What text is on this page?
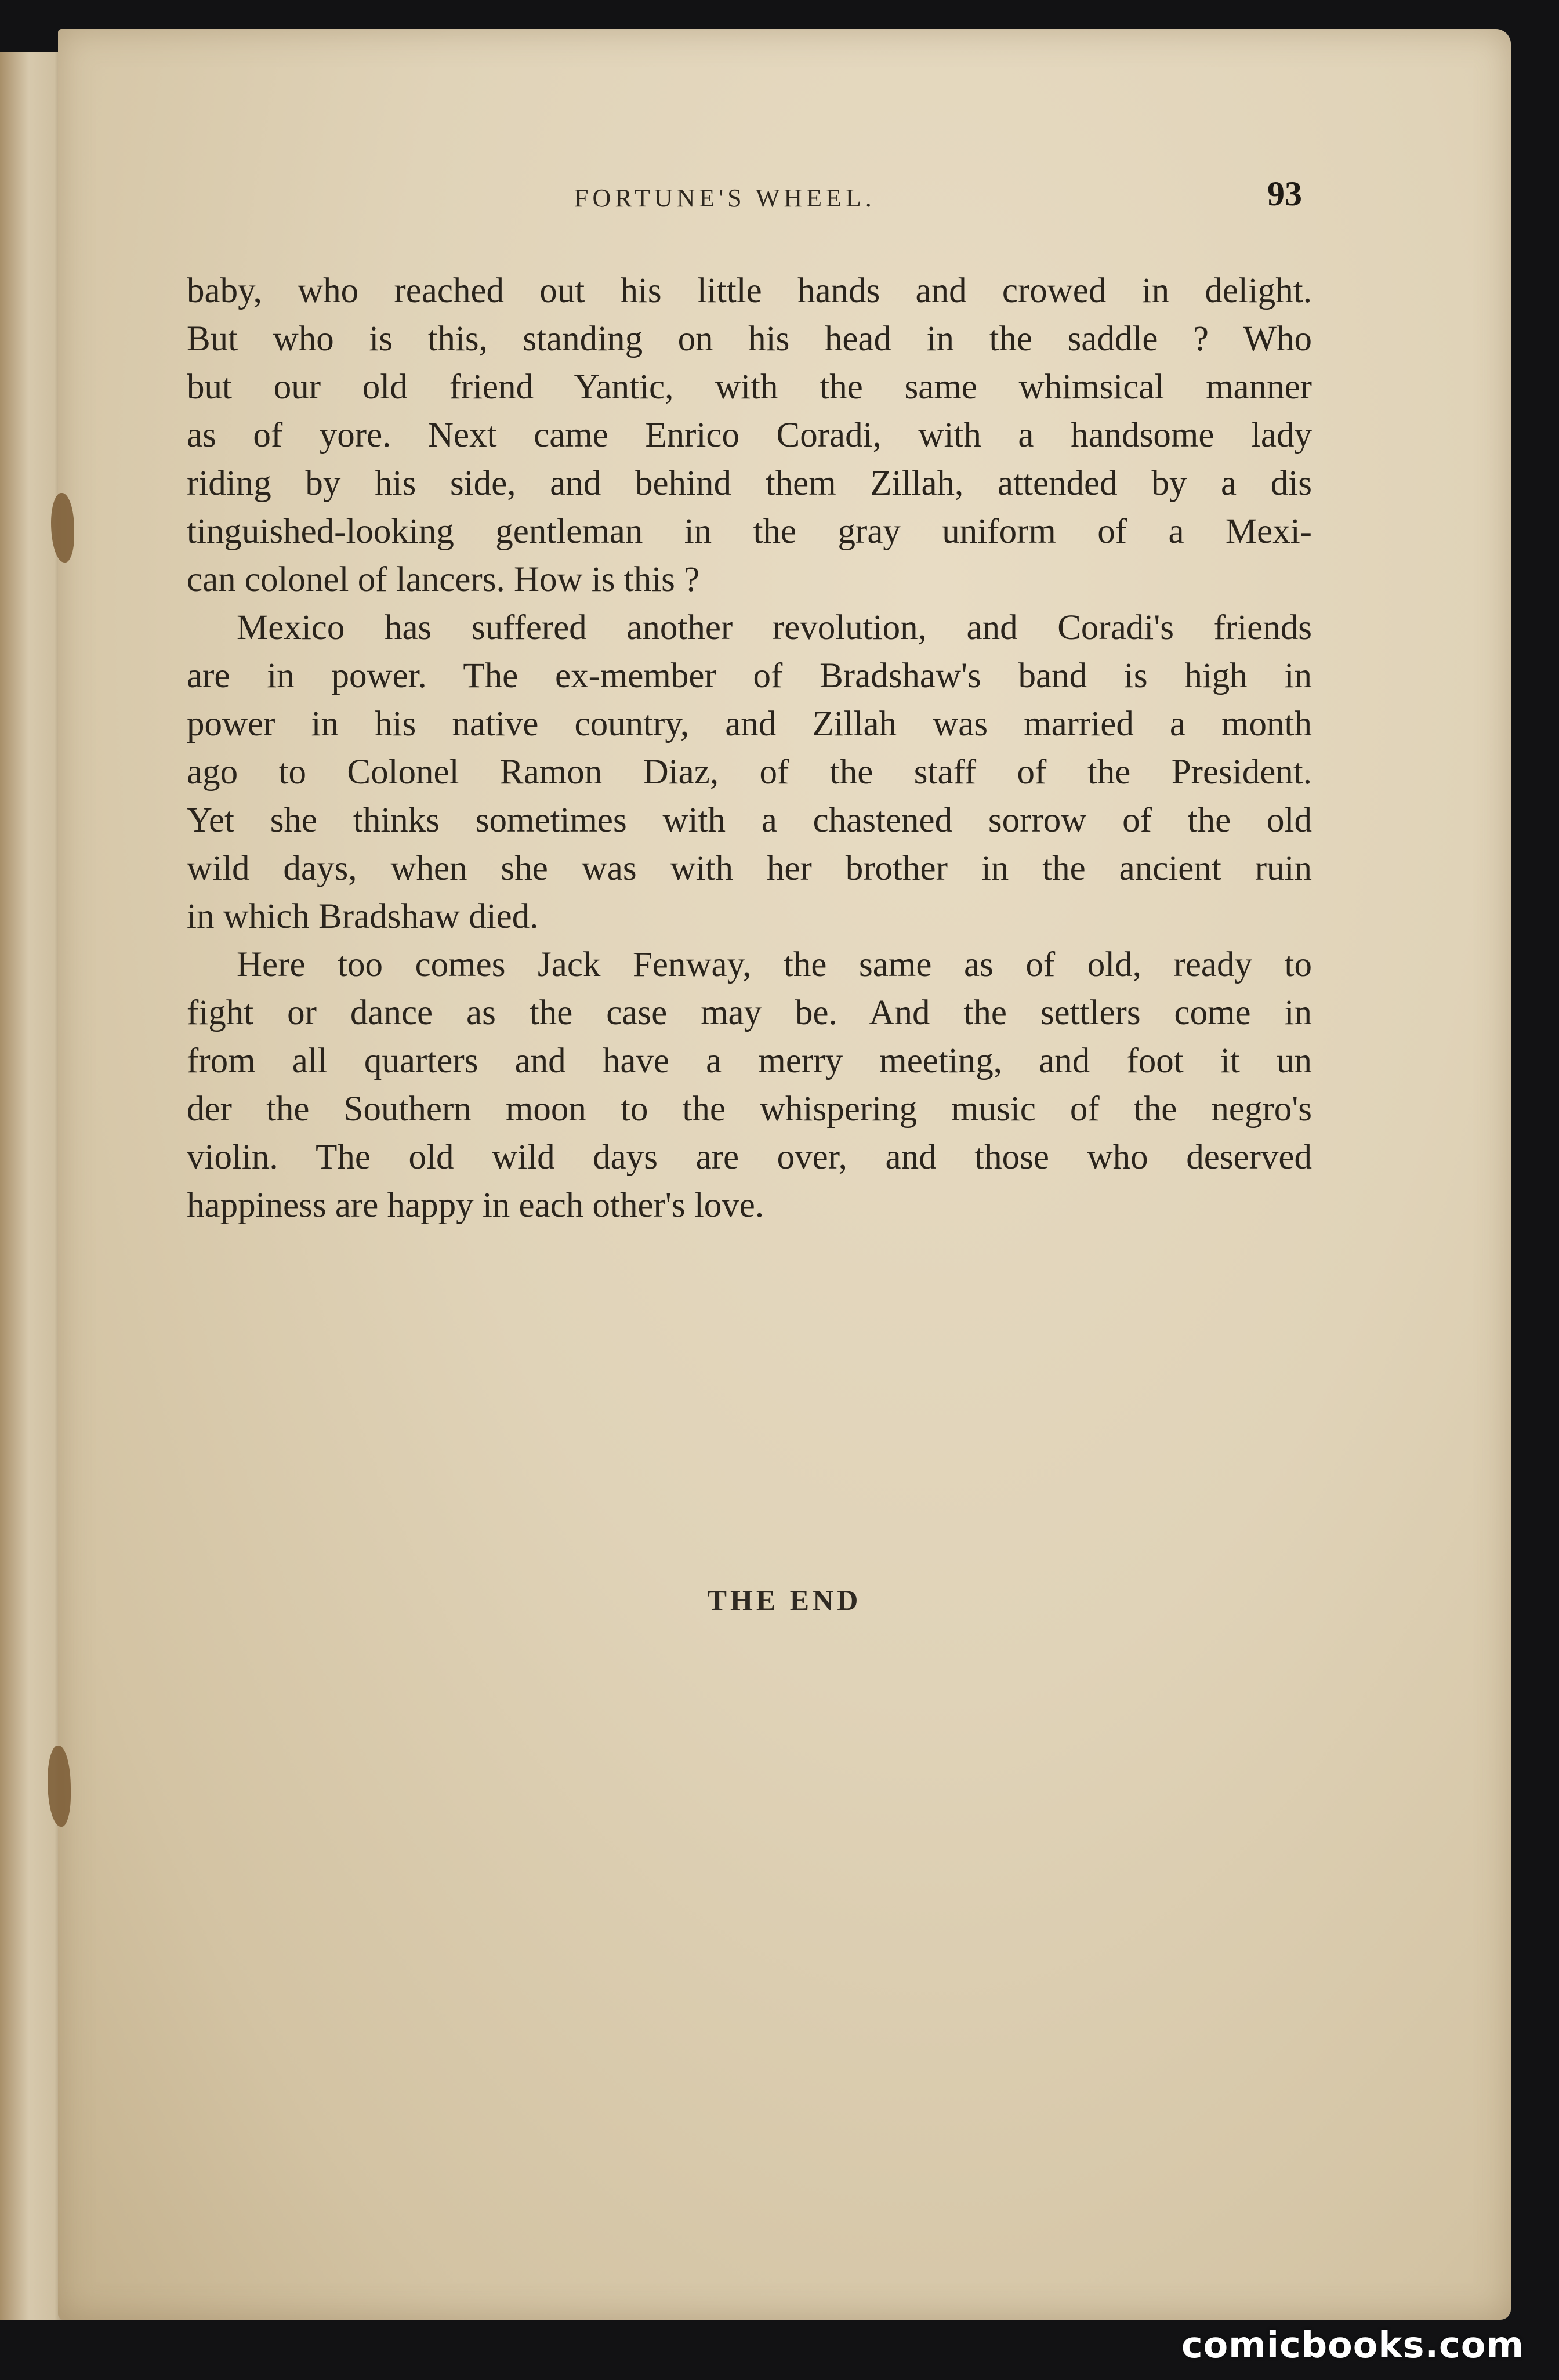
FORTUNE'S WHEEL.	93
baby, who reached out his little hands and crowed in delight.
But who is this, standing on his head in the saddle ? Who
but our old friend Yantic, with the same whimsical manner
as of yore. Next came Enrico Coradi, with a handsome lady
riding by his side, and behind them Zillah, attended by a dis
tinguished-looking gentleman in the gray uniform of a Mexi-
can colonel of lancers. How is this ?
Mexico has suffered another revolution, and Coradi's friends
are in power. The ex-member of Bradshaw's band is high in
power in his native country, and Zillah was married a month
ago to Colonel Ramon Diaz, of the staff of the President.
Yet she thinks sometimes with a chastened sorrow of the old
wild days, when she was with her brother in the ancient ruin
in which Bradshaw died.
Here too comes Jack Fenway, the same as of old, ready to
fight or dance as the case may be. And the settlers come in
from all quarters and have a merry meeting, and foot it un
der the Southern moon to the whispering music of the negro's
violin. The old wild days are over, and those who deserved
happiness are happy in each other's love.
THE END
comicbooks.com
